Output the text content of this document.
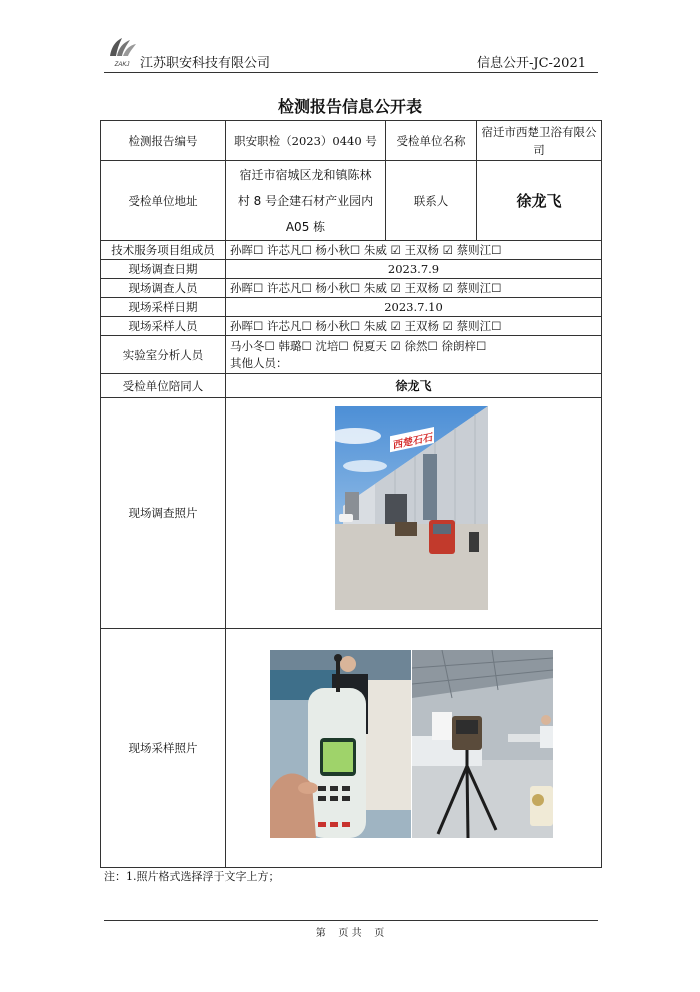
ZAKJ 江苏职安科技有限公司	信息公开-JC-2021
检测报告信息公开表
检测报告编号	职安职检（2023）0440 号	受检单位名称	宿迁市西楚卫浴有限公司
受检单位地址	宿迁市宿城区龙和镇陈林
村 8 号企建石材产业园内
A05 栋	联系人	徐龙飞
技术服务项目组成员	孙晖☐ 许芯凡☐ 杨小秋☐ 朱威 ☑ 王双杨 ☑ 蔡则江☐		
现场调查日期	2023.7.9		
现场调查人员	孙晖☐ 许芯凡☐ 杨小秋☐ 朱威 ☑ 王双杨 ☑ 蔡则江☐		
现场采样日期	2023.7.10		
现场采样人员	孙晖☐ 许芯凡☐ 杨小秋☐ 朱威 ☑ 王双杨 ☑ 蔡则江☐		
实验室分析人员	马小冬☐ 韩璐☐ 沈培☐ 倪夏天 ☑ 徐然☐ 徐朗梓☐
其他人员：		

受检单位陪同人	徐龙飞		
现场调查照片			
现场采样照片			
西楚石石
注：1.照片格式选择浮于文字上方；
第    页 共    页
